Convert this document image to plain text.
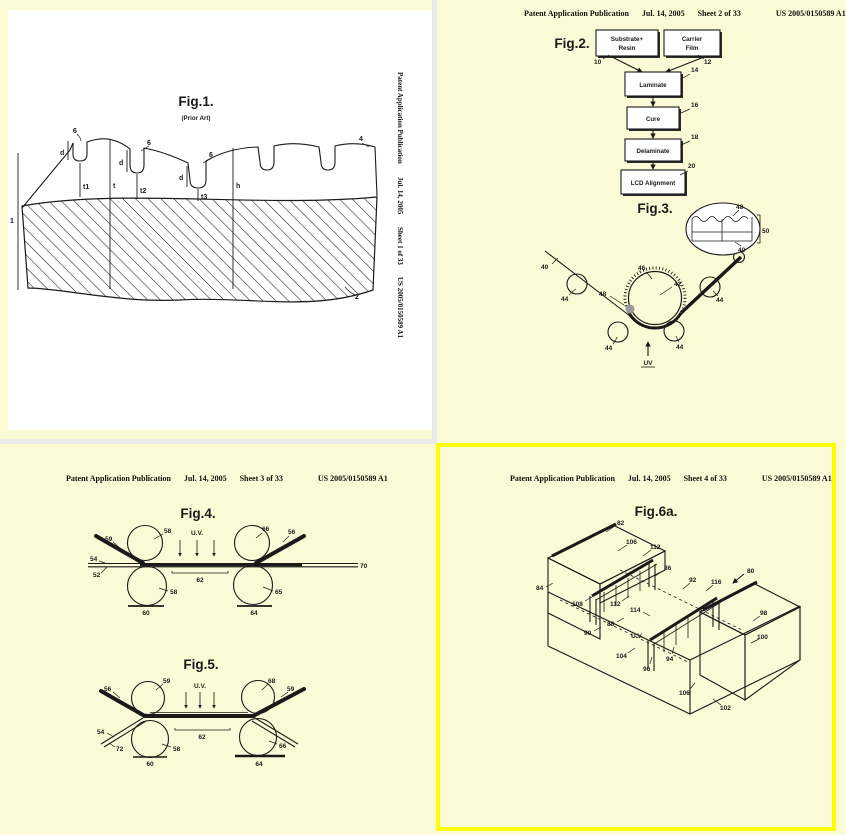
Patent Application Publication Jul. 14, 2005 Sheet 1 of 33 US 2005/0150589 A1
Fig.1.
(Prior Art)
6
6
6
4
d
d
d
t1	t
t2
t3
h
1
2
Fig.2.	Substrate+
Resin
Carrier
Film
10	12
Laminate
14
Cure
16
Delaminate
18
LCD Alignment
20
Fig.3.
40
44
44	44
44
46
42
48
UV
48
50
40
Fig.4.
U.V.
59
58
54
52
58
60
62
66	56
65
64
70
Fig.5.
U.V.
56
59	68
59
54
72	58
60
62
66
64
Fig.6a.
U.V.
80
82
106
112
86
92 116
84
108	112
114
88
90
104
96
94
98
100
106
102
Patent Application Publication Jul. 14, 2005 Sheet 2 of 33	US 2005/0150589 A1
Patent Application Publication Jul. 14, 2005 Sheet 3 of 33	US 2005/0150589 A1	Patent Application Publication Jul. 14, 2005 Sheet 4 of 33	US 2005/0150589 A1
